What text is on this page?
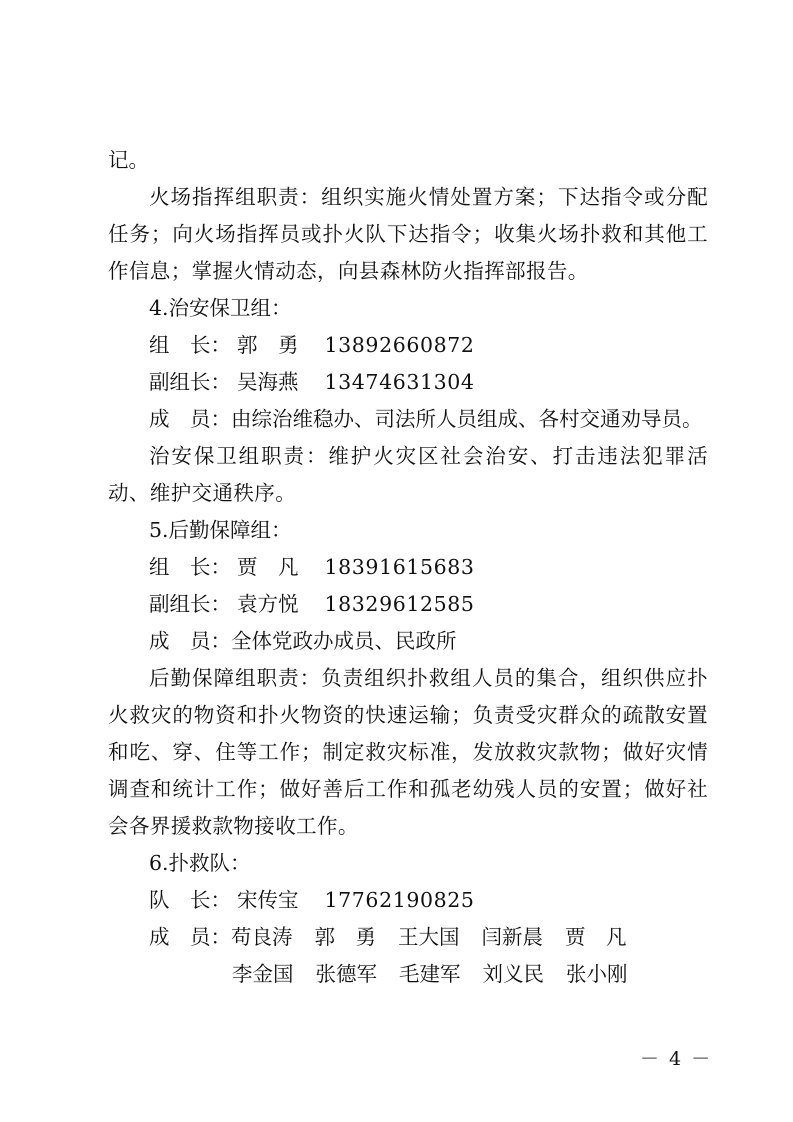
记。
火场指挥组职责：组织实施火情处置方案；下达指令或分配任务；向火场指挥员或扑火队下达指令；收集火场扑救和其他工作信息；掌握火情动态，向县森林防火指挥部报告。
4.治安保卫组：
组　长： 郭　勇 13892660872
副组长： 吴海燕 13474631304
成　员：由综治维稳办、司法所人员组成、各村交通劝导员。
治安保卫组职责：维护火灾区社会治安、打击违法犯罪活动、维护交通秩序。
5.后勤保障组：
组　长： 贾　凡 18391615683
副组长： 袁方悦 18329612585
成　员：全体党政办成员、民政所
后勤保障组职责：负责组织扑救组人员的集合，组织供应扑火救灾的物资和扑火物资的快速运输；负责受灾群众的疏散安置和吃、穿、住等工作；制定救灾标准，发放救灾款物；做好灾情调查和统计工作；做好善后工作和孤老幼残人员的安置；做好社会各界援救款物接收工作。
6.扑救队：
队　长： 宋传宝 17762190825
成　员：苟良涛 郭　勇 王大国 闫新晨 贾　凡
李金国 张德军 毛建军 刘义民 张小刚
－ 4 －
